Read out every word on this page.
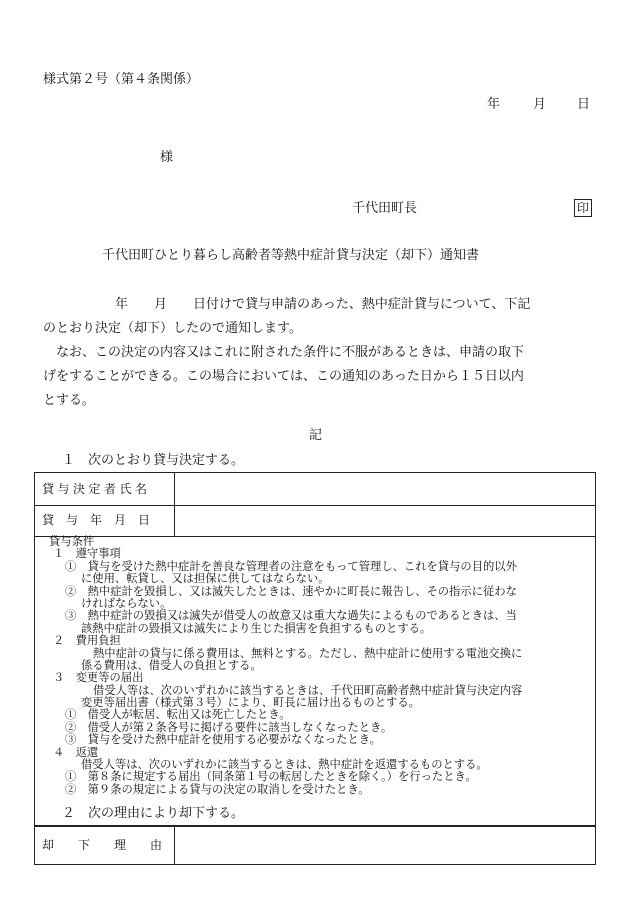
様式第２号（第４条関係）
年	月 日
様
千代田町長	印
千代田町ひとり暮らし高齢者等熱中症計貸与決定（却下）通知書
年　　月　　日付けで貸与申請のあった、熱中症計貸与について、下記
のとおり決定（却下）したので通知します。
なお、この決定の内容又はこれに附された条件に不服があるときは、申請の取下
げをすることができる。この場合においては、この通知のあった日から１５日以内
とする。
記
１　次のとおり貸与決定する。
貸与決定者氏名
貸　与　年　月　日
貸与条件
１　遵守事項
①　貸与を受けた熱中症計を善良な管理者の注意をもって管理し、これを貸与の目的以外
に使用、転貸し、又は担保に供してはならない。
②　熱中症計を毀損し、又は滅失したときは、速やかに町長に報告し、その指示に従わな
ければならない。
③　熱中症計の毀損又は滅失が借受人の故意又は重大な過失によるものであるときは、当
該熱中症計の毀損又は滅失により生じた損害を負担するものとする。
２　費用負担
熱中症計の貸与に係る費用は、無料とする。ただし、熱中症計に使用する電池交換に
係る費用は、借受人の負担とする。
３　変更等の届出
借受人等は、次のいずれかに該当するときは、千代田町高齢者熱中症計貸与決定内容
変更等届出書（様式第３号）により、町長に届け出るものとする。
①　借受人が転居、転出又は死亡したとき。
②　借受人が第２条各号に掲げる要件に該当しなくなったとき。
③　貸与を受けた熱中症計を使用する必要がなくなったとき。
４　返還
借受人等は、次のいずれかに該当するときは、熱中症計を返還するものとする。
①　第８条に規定する届出（同条第１号の転居したときを除く。）を行ったとき。
②　第９条の規定による貸与の決定の取消しを受けたとき。
２　次の理由により却下する。
却　　下　　理　　由
